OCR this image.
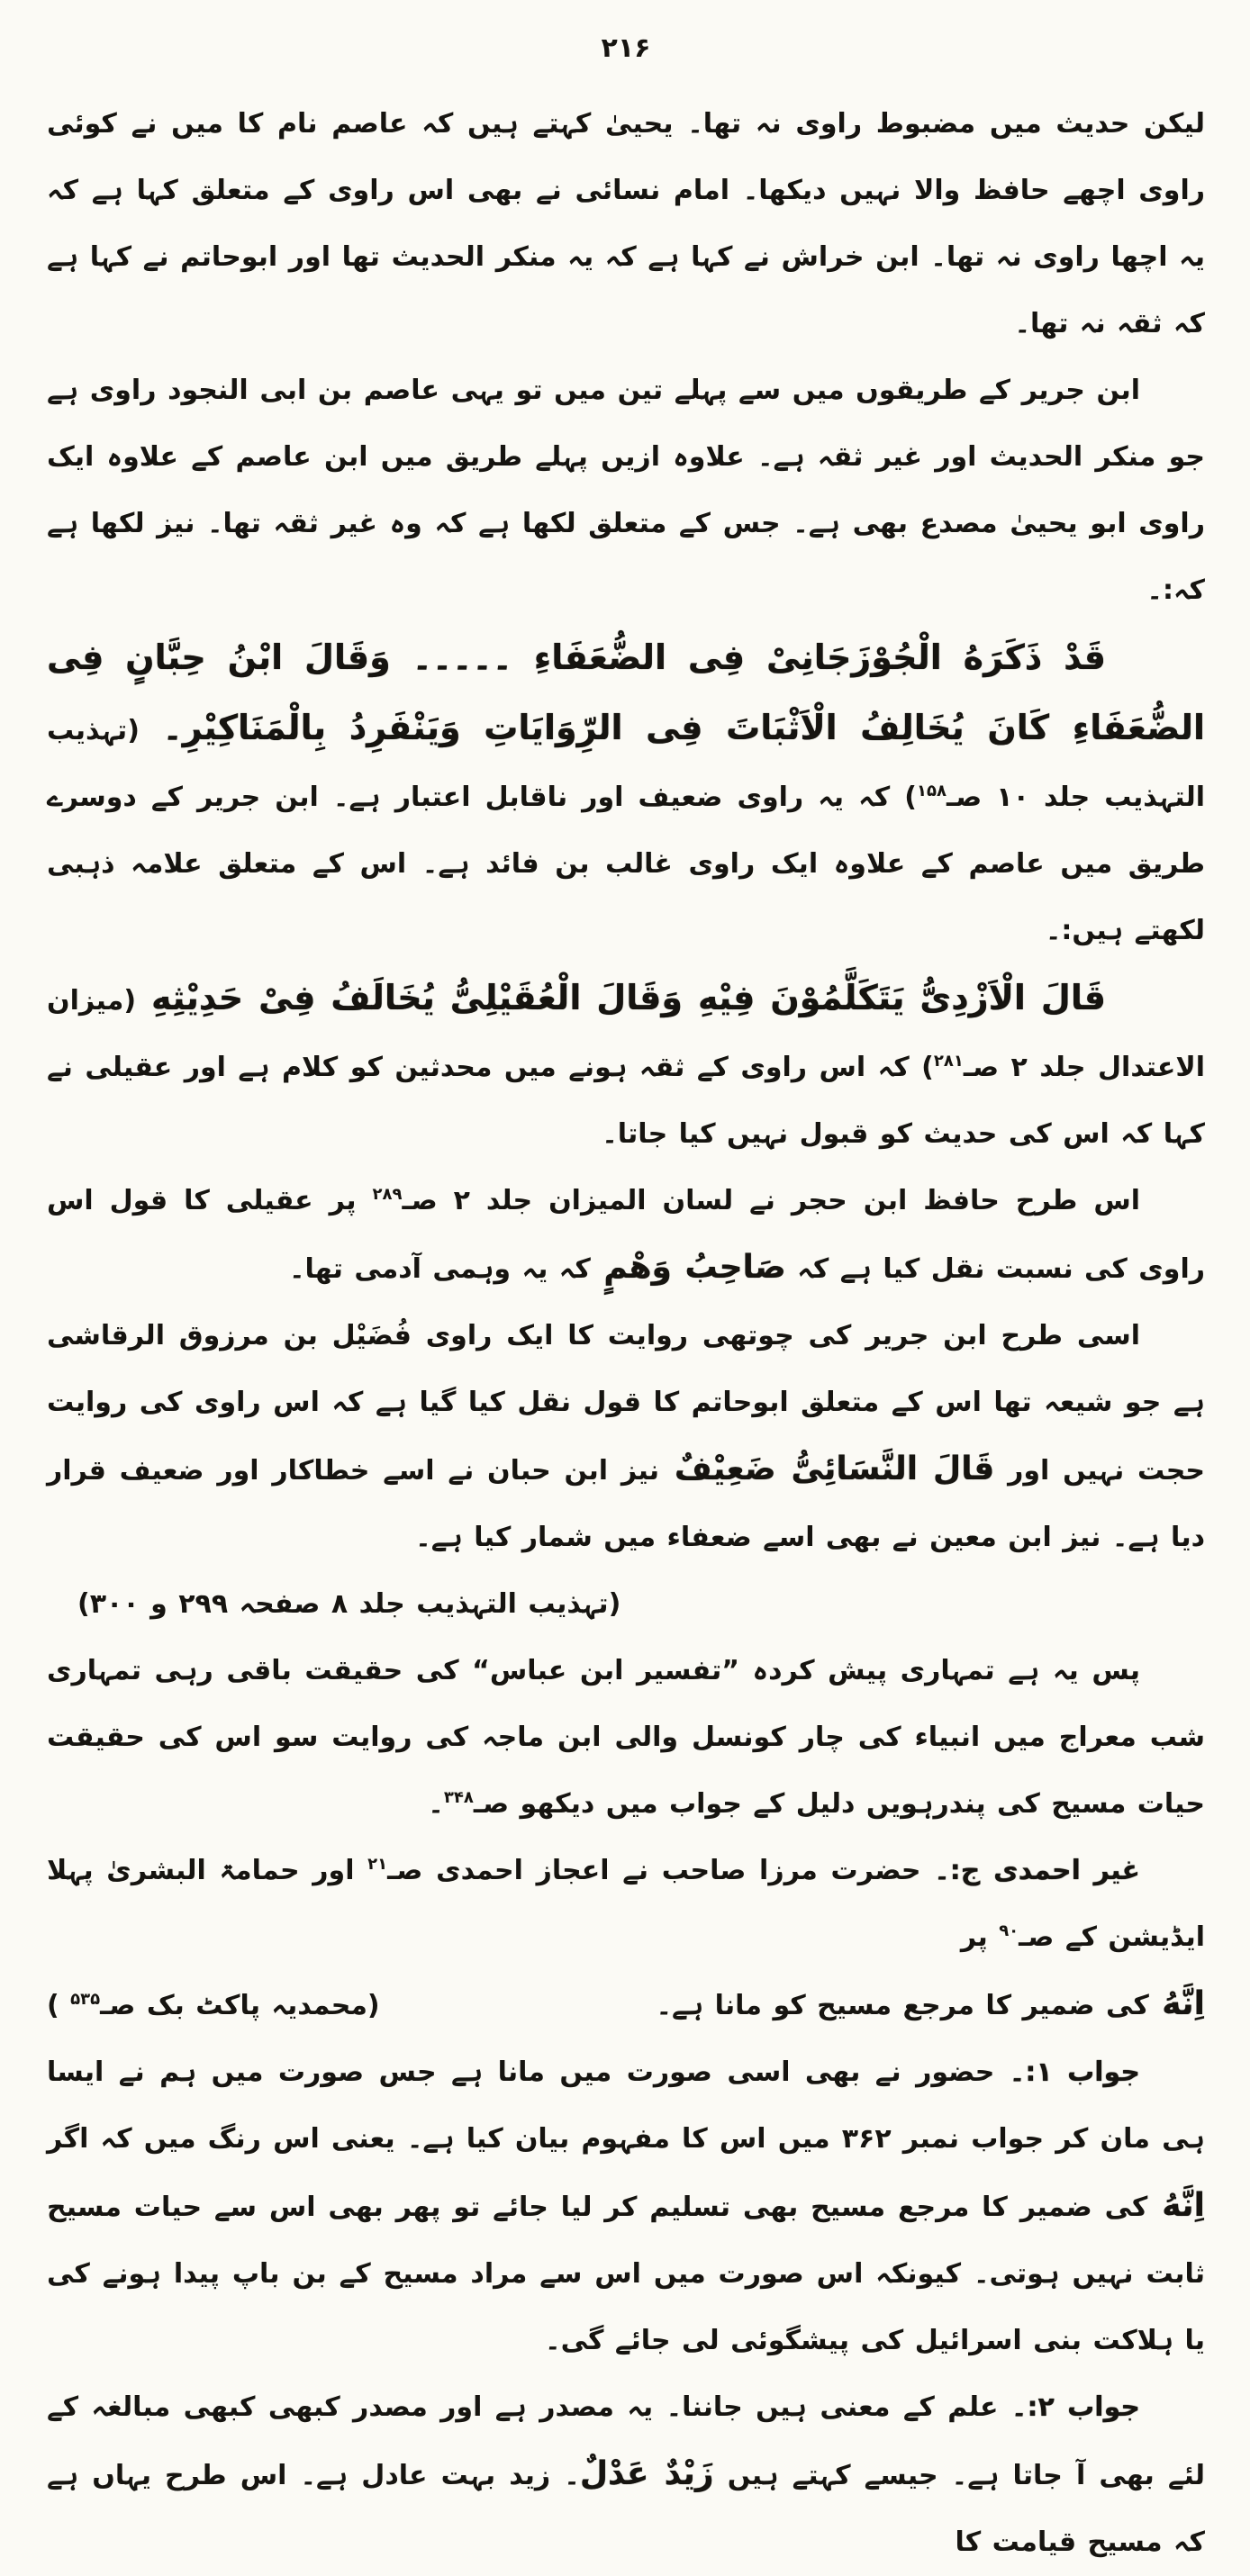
۲۱۶
لیکن حدیث میں مضبوط راوی نہ تھا۔ یحییٰ کہتے ہیں کہ عاصم نام کا میں نے کوئی راوی اچھے حافظ والا نہیں دیکھا۔ امام نسائی نے بھی اس راوی کے متعلق کہا ہے کہ یہ اچھا راوی نہ تھا۔ ابن خراش نے کہا ہے کہ یہ منکر الحدیث تھا اور ابوحاتم نے کہا ہے کہ ثقہ نہ تھا۔
ابن جریر کے طریقوں میں سے پہلے تین میں تو یہی عاصم بن ابی النجود راوی ہے جو منکر الحدیث اور غیر ثقہ ہے۔ علاوہ ازیں پہلے طریق میں ابن عاصم کے علاوہ ایک راوی ابو یحییٰ مصدع بھی ہے۔ جس کے متعلق لکھا ہے کہ وہ غیر ثقہ تھا۔ نیز لکھا ہے کہ:۔
قَدْ ذَکَرَهُ الْجُوْزَجَانِیْ فِی الضُّعَفَاءِ ۔۔۔۔۔ وَقَالَ ابْنُ حِبَّانٍ فِی الضُّعَفَاءِ کَانَ یُخَالِفُ الْاَثْبَاتَ فِی الرِّوَایَاتِ وَیَنْفَرِدُ بِالْمَنَاکِیْرِ۔ (تہذیب التہذیب جلد ۱۰ صـ$^{۱۵۸}$) کہ یہ راوی ضعیف اور ناقابل اعتبار ہے۔ ابن جریر کے دوسرے طریق میں عاصم کے علاوہ ایک راوی غالب بن فائد ہے۔ اس کے متعلق علامہ ذہبی لکھتے ہیں:۔
قَالَ الْاَزْدِیُّ یَتَکَلَّمُوْنَ فِیْهِ وَقَالَ الْعُقَیْلِیُّ یُخَالَفُ فِیْ حَدِیْثِهِ (میزان الاعتدال جلد ۲ صـ$^{۲۸۱}$) کہ اس راوی کے ثقہ ہونے میں محدثین کو کلام ہے اور عقیلی نے کہا کہ اس کی حدیث کو قبول نہیں کیا جاتا۔
اس طرح حافظ ابن حجر نے لسان المیزان جلد ۲ صـ$^{۲۸۹}$ پر عقیلی کا قول اس راوی کی نسبت نقل کیا ہے کہ صَاحِبُ وَهْمٍ کہ یہ وہمی آدمی تھا۔
اسی طرح ابن جریر کی چوتھی روایت کا ایک راوی فُضَیْل بن مرزوق الرقاشی ہے جو شیعہ تھا اس کے متعلق ابوحاتم کا قول نقل کیا گیا ہے کہ اس راوی کی روایت حجت نہیں اور قَالَ النَّسَائِیُّ ضَعِیْفٌ نیز ابن حبان نے اسے خطاکار اور ضعیف قرار دیا ہے۔ نیز ابن معین نے بھی اسے ضعفاء میں شمار کیا ہے۔
(تہذیب التہذیب جلد ۸ صفحہ ۲۹۹ و ۳۰۰)
پس یہ ہے تمہاری پیش کردہ ”تفسیر ابن عباس“ کی حقیقت باقی رہی تمہاری شب معراج میں انبیاء کی چار کونسل والی ابن ماجہ کی روایت سو اس کی حقیقت حیات مسیح کی پندرہویں دلیل کے جواب میں دیکھو صـ$^{۳۴۸}$۔
غیر احمدی ج:۔ حضرت مرزا صاحب نے اعجاز احمدی صـ$^{۲۱}$ اور حمامۃ البشریٰ پہلا ایڈیشن کے صـ$^{۹۰}$ پر
اِنَّهُ کی ضمیر کا مرجع مسیح کو مانا ہے۔
(محمدیہ پاکٹ بک صـ$^{۵۳۵}$ )
جواب ۱:۔ حضور نے بھی اسی صورت میں مانا ہے جس صورت میں ہم نے ایسا ہی مان کر جواب نمبر ۳۶۲ میں اس کا مفہوم بیان کیا ہے۔ یعنی اس رنگ میں کہ اگر اِنَّهُ کی ضمیر کا مرجع مسیح بھی تسلیم کر لیا جائے تو پھر بھی اس سے حیات مسیح ثابت نہیں ہوتی۔ کیونکہ اس صورت میں اس سے مراد مسیح کے بن باپ پیدا ہونے کی یا ہلاکت بنی اسرائیل کی پیشگوئی لی جائے گی۔
جواب ۲:۔ علم کے معنی ہیں جاننا۔ یہ مصدر ہے اور مصدر کبھی کبھی مبالغہ کے لئے بھی آ جاتا ہے۔ جیسے کہتے ہیں زَیْدٌ عَدْلٌ۔ زید بہت عادل ہے۔ اس طرح یہاں ہے کہ مسیح قیامت کا
